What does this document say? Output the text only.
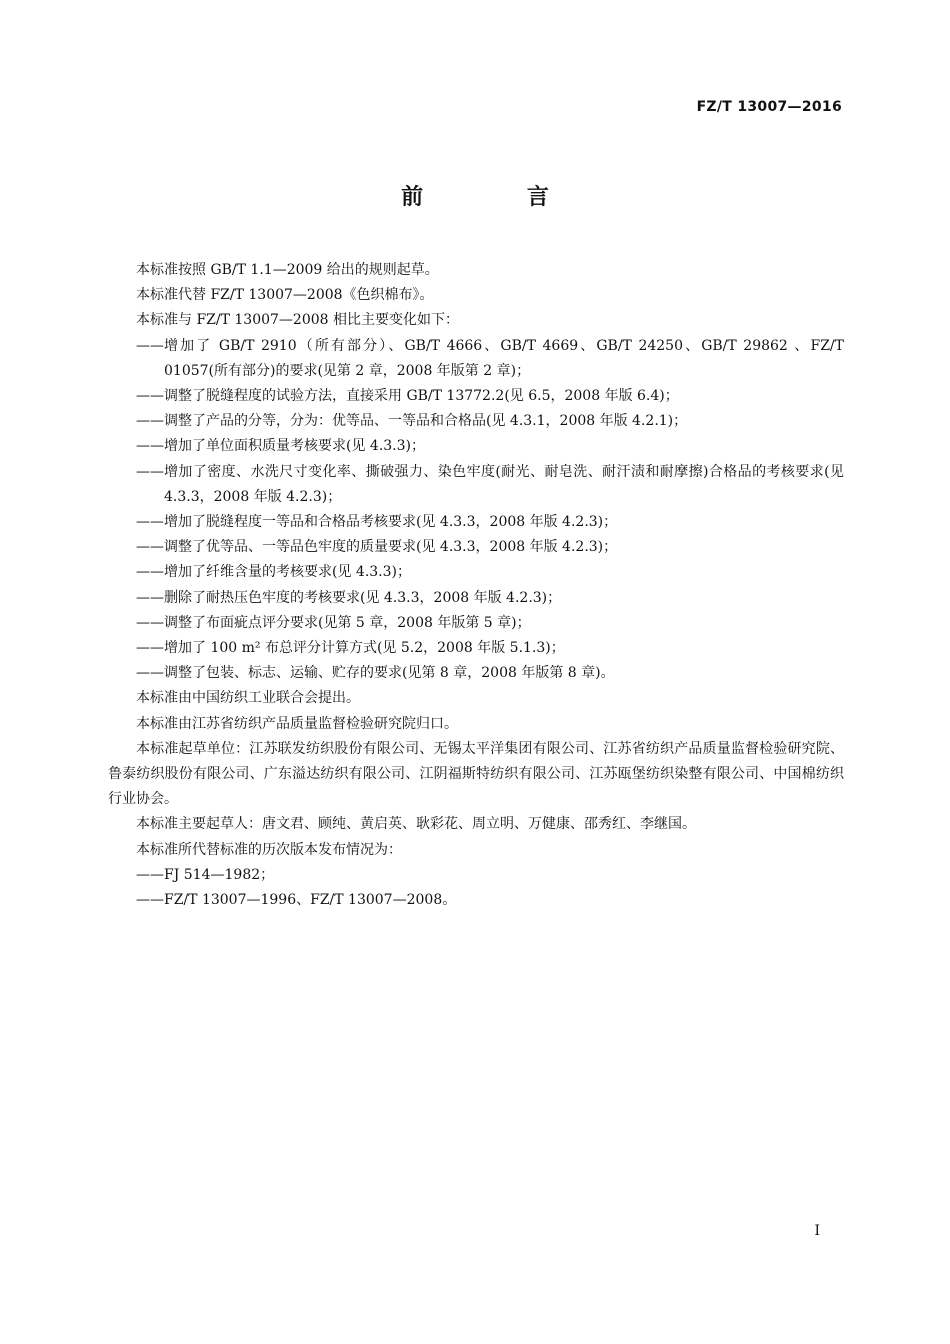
FZ/T 13007—2016
前 言

本标准按照 GB/T 1.1—2009 给出的规则起草。

本标准代替 FZ/T 13007—2008《色织棉布》。

本标准与 FZ/T 13007—2008 相比主要变化如下：

—— 增加了 GB/T 2910（所有部分）、GB/T 4666、GB/T 4669、GB/T 24250、GB/T 29862 、FZ/T 01057(所有部分)的要求(见第 2 章，2008 年版第 2 章)；

—— 调整了脱缝程度的试验方法，直接采用 GB/T 13772.2(见 6.5，2008 年版 6.4)；

—— 调整了产品的分等，分为：优等品、一等品和合格品(见 4.3.1，2008 年版 4.2.1)；

—— 增加了单位面积质量考核要求(见 4.3.3)；

—— 增加了密度、水洗尺寸变化率、撕破强力、染色牢度(耐光、耐皂洗、耐汗渍和耐摩擦)合格品的考核要求(见 4.3.3，2008 年版 4.2.3)；

—— 增加了脱缝程度一等品和合格品考核要求(见 4.3.3，2008 年版 4.2.3)；

—— 调整了优等品、一等品色牢度的质量要求(见 4.3.3，2008 年版 4.2.3)；

—— 增加了纤维含量的考核要求(见 4.3.3)；

—— 删除了耐热压色牢度的考核要求(见 4.3.3，2008 年版 4.2.3)；

—— 调整了布面疵点评分要求(见第 5 章，2008 年版第 5 章)；

—— 增加了 100 m² 布总评分计算方式(见 5.2，2008 年版 5.1.3)；

—— 调整了包装、标志、运输、贮存的要求(见第 8 章，2008 年版第 8 章)。

本标准由中国纺织工业联合会提出。

本标准由江苏省纺织产品质量监督检验研究院归口。

本标准起草单位：江苏联发纺织股份有限公司、无锡太平洋集团有限公司、江苏省纺织产品质量监督检验研究院、鲁泰纺织股份有限公司、广东溢达纺织有限公司、江阴福斯特纺织有限公司、江苏瓯堡纺织染整有限公司、中国棉纺织行业协会。

本标准主要起草人：唐文君、顾纯、黄启英、耿彩花、周立明、万健康、邵秀红、李继国。

本标准所代替标准的历次版本发布情况为：

—— FJ 514—1982；

—— FZ/T 13007—1996、FZ/T 13007—2008。

I
